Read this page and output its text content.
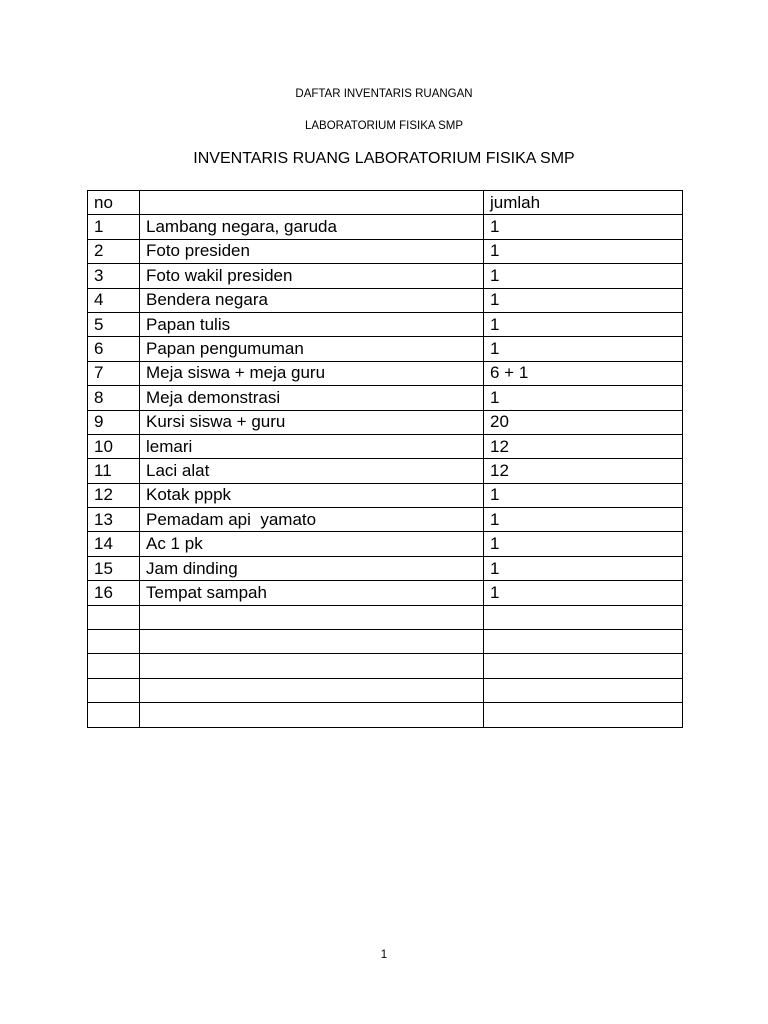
DAFTAR INVENTARIS RUANGAN
LABORATORIUM FISIKA SMP
INVENTARIS RUANG LABORATORIUM FISIKA SMP
no		jumlah
1	Lambang negara, garuda	1
2	Foto presiden	1
3	Foto wakil presiden	1
4	Bendera negara	1
5	Papan tulis	1
6	Papan pengumuman	1
7	Meja siswa + meja guru	6 + 1
8	Meja demonstrasi	1
9	Kursi siswa + guru	20
10	lemari	12
11	Laci alat	12
12	Kotak pppk	1
13	Pemadam api  yamato	1
14	Ac 1 pk	1
15	Jam dinding	1
16	Tempat sampah	1

1
